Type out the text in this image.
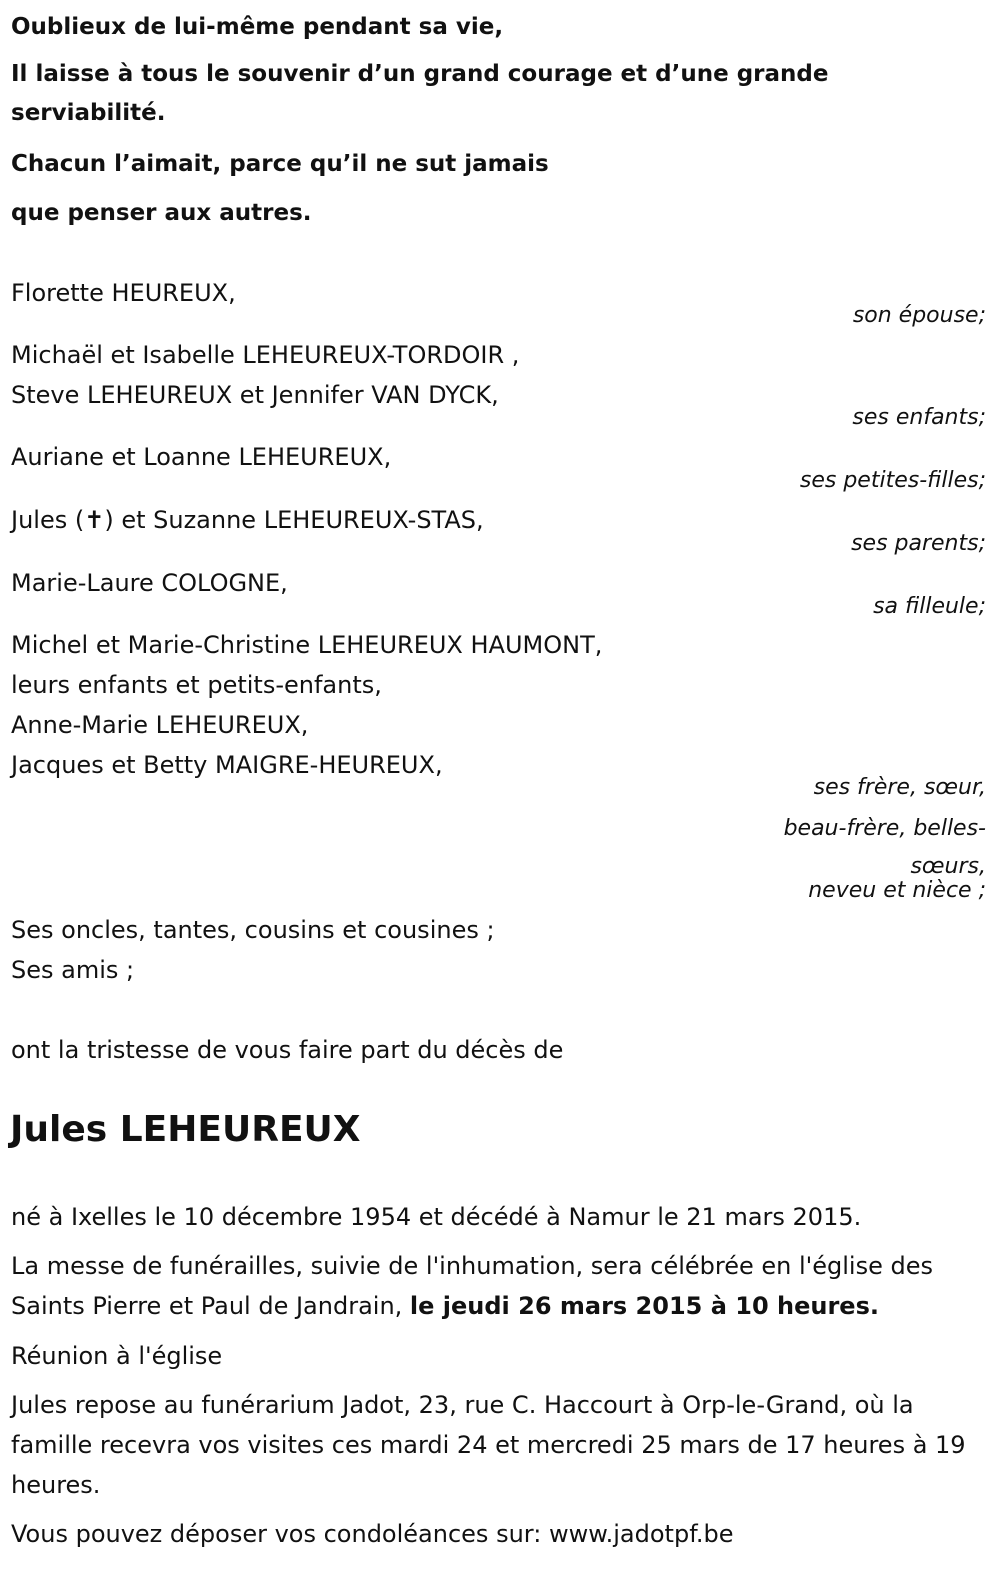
Oublieux de lui-même pendant sa vie,
Il laisse à tous le souvenir d’un grand courage et d’une grande serviabilité.
Chacun l’aimait, parce qu’il ne sut jamais
que penser aux autres.
Florette HEUREUX,
son épouse;
Michaël et Isabelle LEHEUREUX-TORDOIR ,
Steve LEHEUREUX et Jennifer VAN DYCK,
ses enfants;
Auriane et Loanne LEHEUREUX,
ses petites-filles;
Jules (✝) et Suzanne LEHEUREUX-STAS,
ses parents;
Marie-Laure COLOGNE,
sa filleule;
Michel et Marie-Christine LEHEUREUX HAUMONT,
leurs enfants et petits-enfants,
Anne-Marie LEHEUREUX,
Jacques et Betty MAIGRE-HEUREUX,
ses frère, sœur,
beau-frère, belles-
sœurs,
neveu et nièce ;
Ses oncles, tantes, cousins et cousines ;
Ses amis ;
ont la tristesse de vous faire part du décès de
Jules LEHEUREUX
né à Ixelles le 10 décembre 1954 et décédé à Namur le 21 mars 2015.
La messe de funérailles, suivie de l'inhumation, sera célébrée en l'église des Saints Pierre et Paul de Jandrain, le jeudi 26 mars 2015 à 10 heures.
Réunion à l'église
Jules repose au funérarium Jadot, 23, rue C. Haccourt à Orp-le-Grand, où la famille recevra vos visites ces mardi 24 et mercredi 25 mars de 17 heures à 19 heures.
Vous pouvez déposer vos condoléances sur: www.jadotpf.be
